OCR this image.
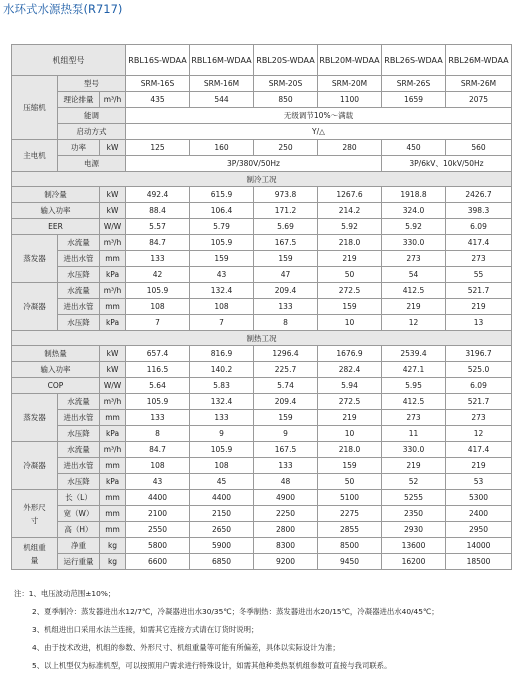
水环式水源热泵(R717)
机组型号			RBL16S-WDAA	RBL16M-WDAA	RBL20S-WDAA	RBL20M-WDAA	RBL26S-WDAA	RBL26M-WDAA
压缩机	型号		SRM-16S	SRM-16M	SRM-20S	SRM-20M	SRM-26S	SRM-26M
	理论排量	m³/h	435	544	850	1100	1659	2075
	能调		无级调节10%～满载					
	启动方式		Y/△					
主电机	功率	kW	125	160	250	280	450	560
	电源		3P/380V/50Hz				3P/6kV、10kV/50Hz	
制冷工况								
制冷量		kW	492.4	615.9	973.8	1267.6	1918.8	2426.7
输入功率		kW	88.4	106.4	171.2	214.2	324.0	398.3
EER		W/W	5.57	5.79	5.69	5.92	5.92	6.09
蒸发器	水流量	m³/h	84.7	105.9	167.5	218.0	330.0	417.4
	进出水管	mm	133	159	159	219	273	273
	水压降	kPa	42	43	47	50	54	55
冷凝器	水流量	m³/h	105.9	132.4	209.4	272.5	412.5	521.7
	进出水管	mm	108	108	133	159	219	219
	水压降	kPa	7	7	8	10	12	13
制热工况								
制热量		kW	657.4	816.9	1296.4	1676.9	2539.4	3196.7
输入功率		kW	116.5	140.2	225.7	282.4	427.1	525.0
COP		W/W	5.64	5.83	5.74	5.94	5.95	6.09
蒸发器	水流量	m³/h	105.9	132.4	209.4	272.5	412.5	521.7
	进出水管	mm	133	133	159	219	273	273
	水压降	kPa	8	9	9	10	11	12
冷凝器	水流量	m³/h	84.7	105.9	167.5	218.0	330.0	417.4
	进出水管	mm	108	108	133	159	219	219
	水压降	kPa	43	45	48	50	52	53
外形尺寸	长（L）	mm	4400	4400	4900	5100	5255	5300
	宽（W）	mm	2100	2150	2250	2275	2350	2400
	高（H）	mm	2550	2650	2800	2855	2930	2950
机组重量	净重	kg	5800	5900	8300	8500	13600	14000
	运行重量	kg	6600	6850	9200	9450	16200	18500
注：1、电压波动范围±10%；
2、夏季制冷：蒸发器进出水12/7℃，冷凝器进出水30/35℃；冬季制热：蒸发器进出水20/15℃，冷凝器进出水40/45℃；
3、机组进出口采用水法兰连接，如需其它连接方式请在订货时说明；
4、由于技术改进，机组的参数、外形尺寸、机组重量等可能有所偏差，具体以实际设计为准；
5、以上机型仅为标准机型，可以按照用户需求进行特殊设计，如需其他种类热泵机组参数可直接与我司联系。
